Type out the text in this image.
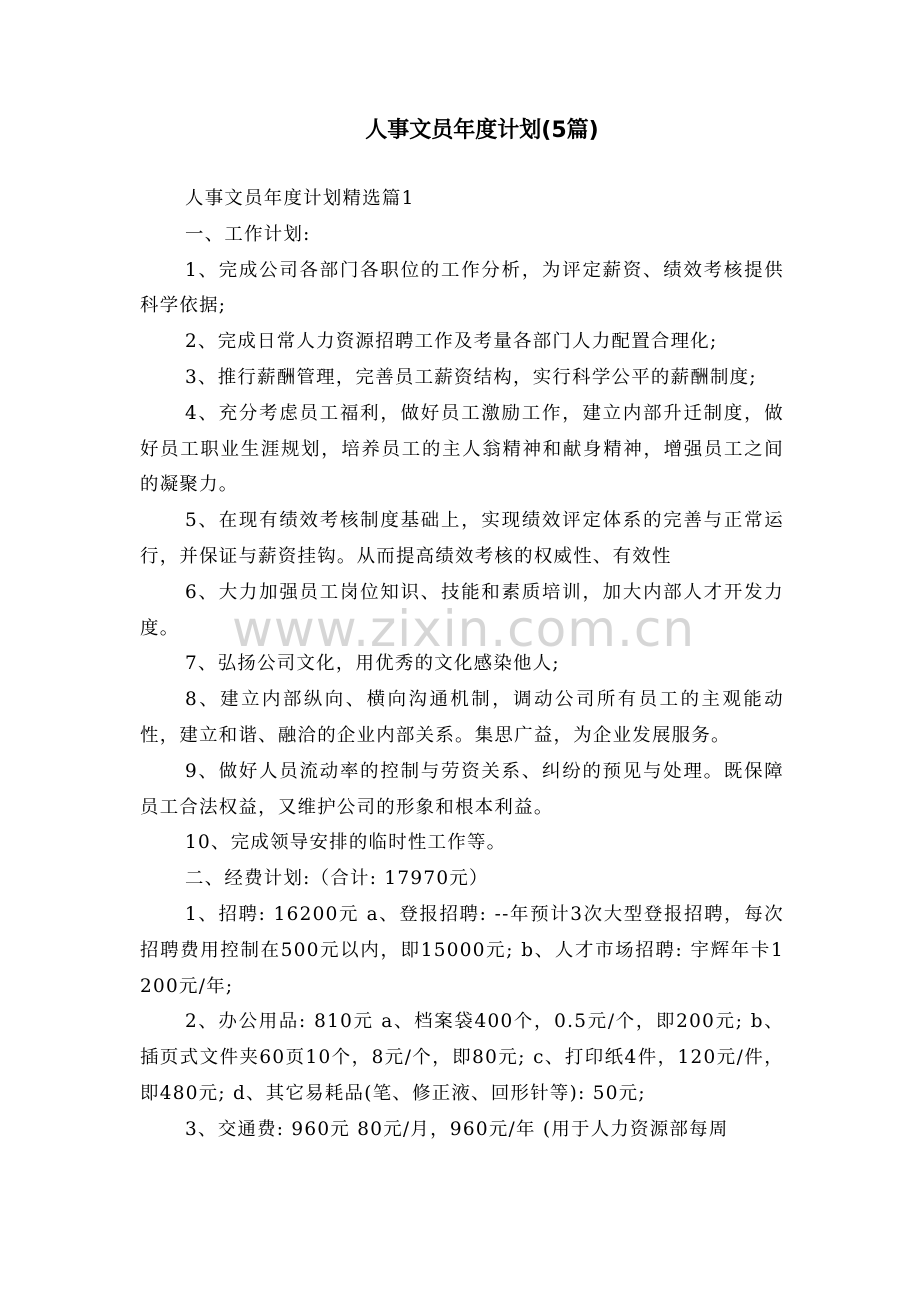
人事文员年度计划(5篇)

人事文员年度计划精选篇1

一、工作计划:

1、完成公司各部门各职位的工作分析，为评定薪资、绩效考核提供科学依据;

2、完成日常人力资源招聘工作及考量各部门人力配置合理化;

3、推行薪酬管理，完善员工薪资结构，实行科学公平的薪酬制度;

4、充分考虑员工福利，做好员工激励工作，建立内部升迁制度，做好员工职业生涯规划，培养员工的主人翁精神和献身精神，增强员工之间的凝聚力。

5、在现有绩效考核制度基础上，实现绩效评定体系的完善与正常运行，并保证与薪资挂钩。从而提高绩效考核的权威性、有效性

6、大力加强员工岗位知识、技能和素质培训，加大内部人才开发力度。

7、弘扬公司文化，用优秀的文化感染他人;

8、建立内部纵向、横向沟通机制，调动公司所有员工的主观能动性，建立和谐、融洽的企业内部关系。集思广益，为企业发展服务。

9、做好人员流动率的控制与劳资关系、纠纷的预见与处理。既保障员工合法权益，又维护公司的形象和根本利益。

10、完成领导安排的临时性工作等。

二、经费计划:（合计: 17970元）

1、招聘: 16200元 a、登报招聘: --年预计3次大型登报招聘，每次招聘费用控制在500元以内，即15000元; b、人才市场招聘: 宇辉年卡1200元/年;

2、办公用品: 810元 a、档案袋400个，0.5元/个，即200元; b、插页式文件夹60页10个，8元/个，即80元; c、打印纸4件，120元/件，即480元; d、其它易耗品(笔、修正液、回形针等): 50元;

3、交通费: 960元 80元/月，960元/年 (用于人力资源部每周

www.zixin.com.cn
